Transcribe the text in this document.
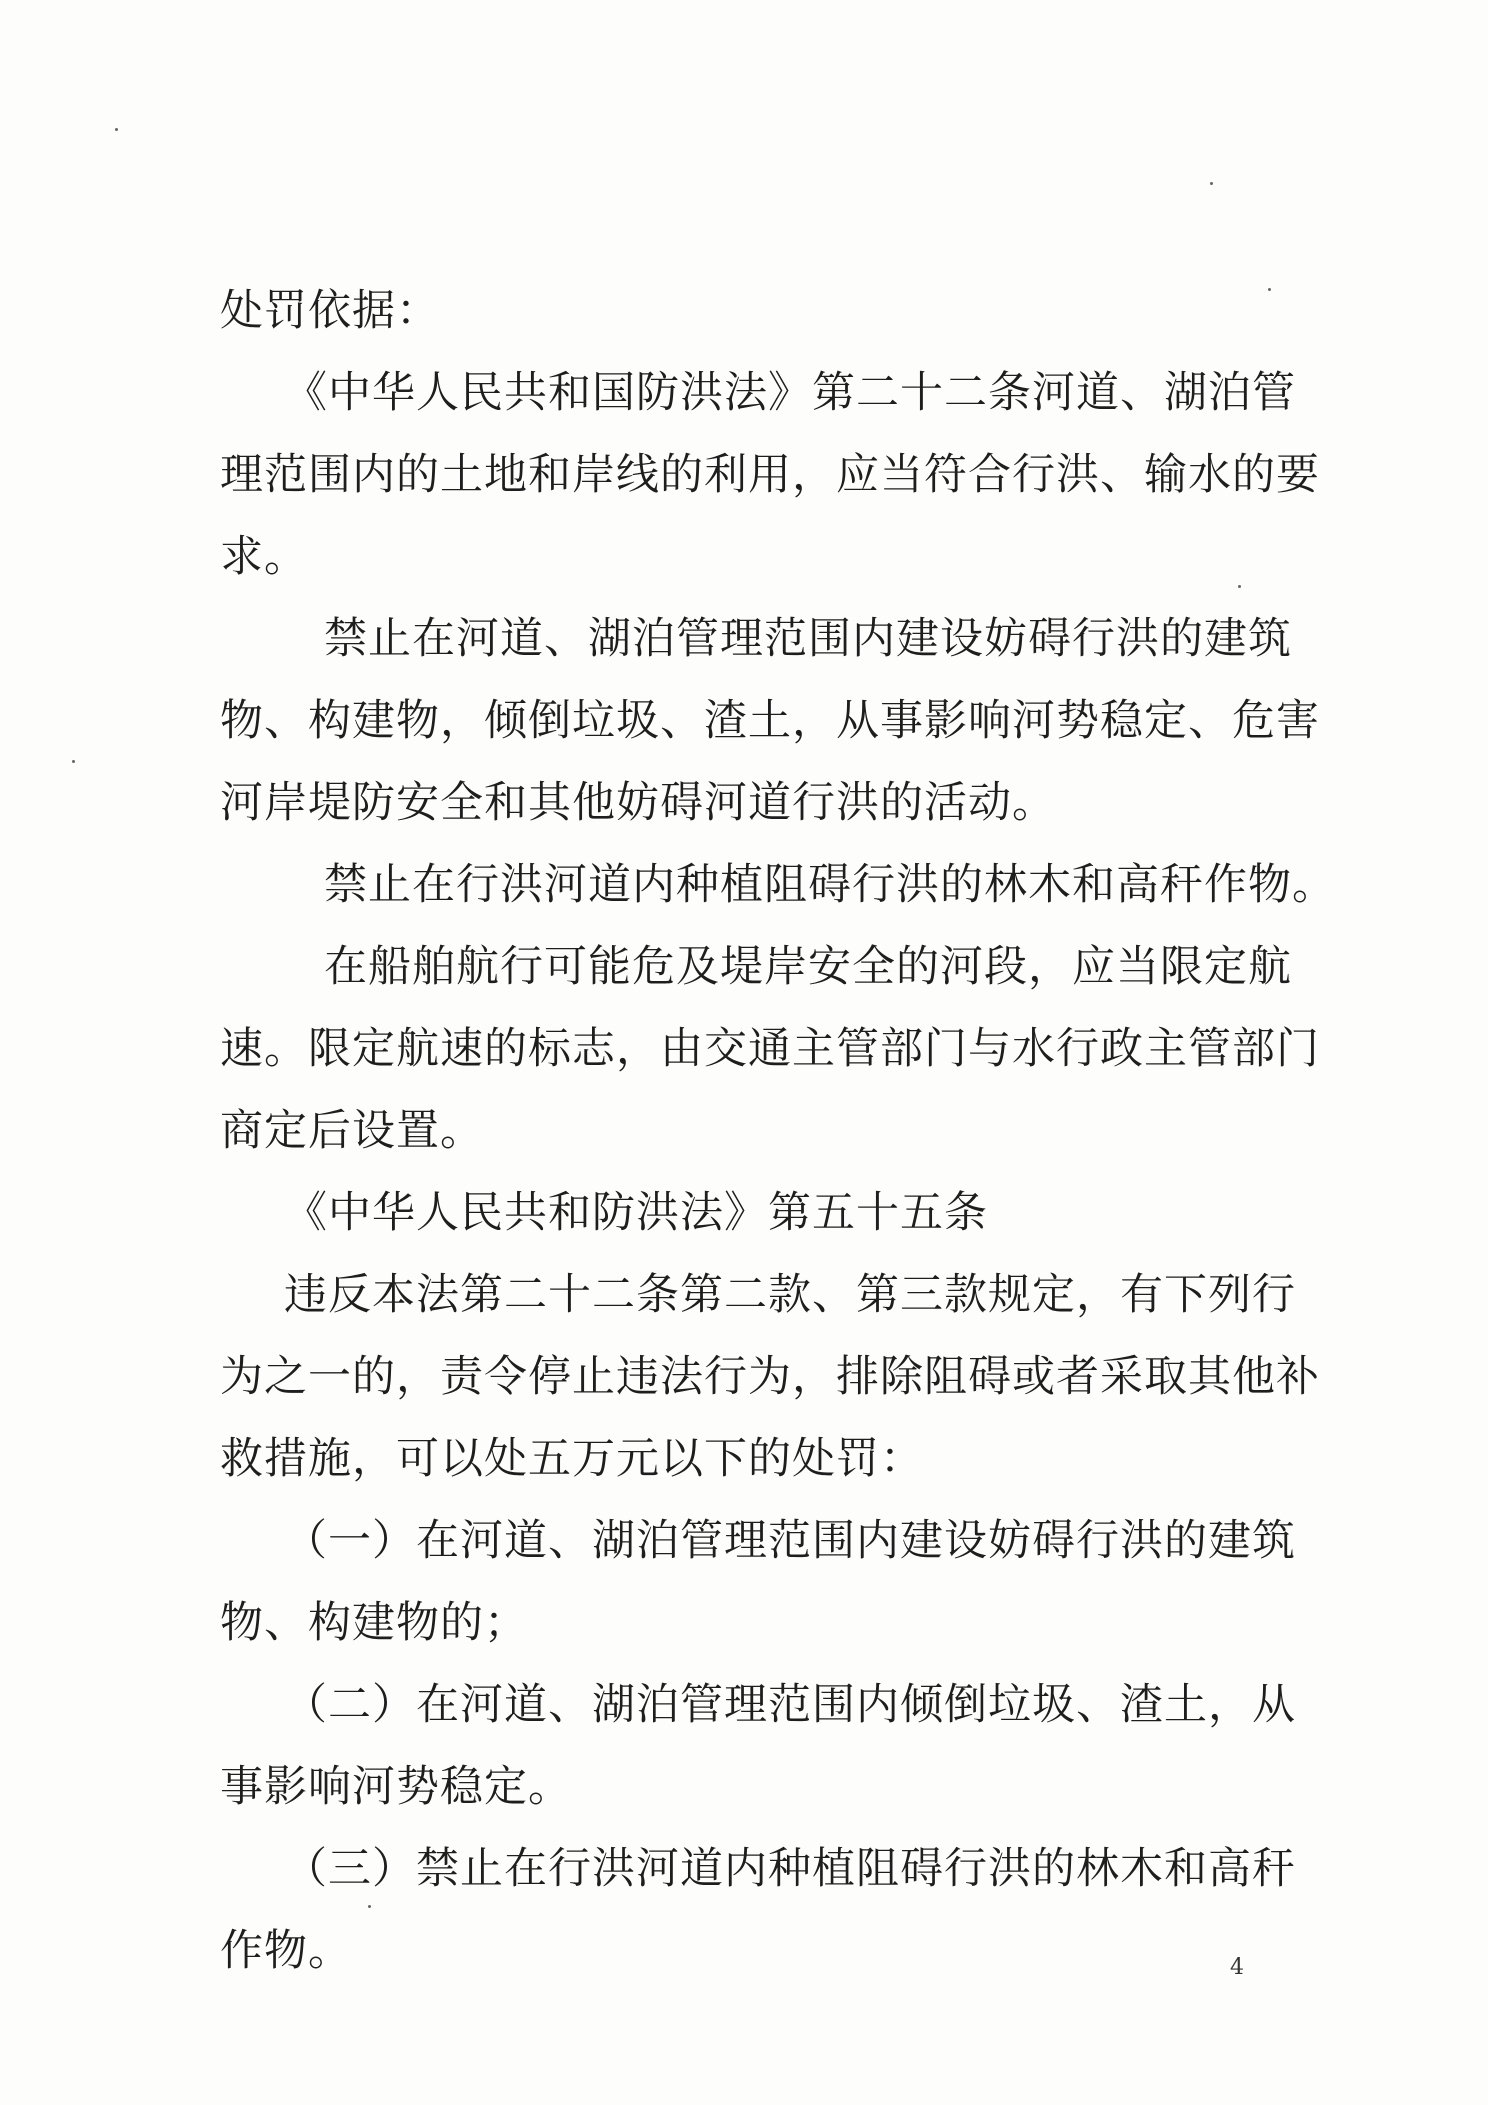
处罚依据：
《中华人民共和国防洪法》第二十二条河道、湖泊管
理范围内的土地和岸线的利用，应当符合行洪、输水的要
求。
禁止在河道、湖泊管理范围内建设妨碍行洪的建筑
物、构建物，倾倒垃圾、渣土，从事影响河势稳定、危害
河岸堤防安全和其他妨碍河道行洪的活动。
禁止在行洪河道内种植阻碍行洪的林木和高秆作物。
在船舶航行可能危及堤岸安全的河段，应当限定航
速。限定航速的标志，由交通主管部门与水行政主管部门
商定后设置。
《中华人民共和防洪法》第五十五条
违反本法第二十二条第二款、第三款规定，有下列行
为之一的，责令停止违法行为，排除阻碍或者采取其他补
救措施，可以处五万元以下的处罚：
（一）在河道、湖泊管理范围内建设妨碍行洪的建筑
物、构建物的；
（二）在河道、湖泊管理范围内倾倒垃圾、渣土，从
事影响河势稳定。
（三）禁止在行洪河道内种植阻碍行洪的林木和高秆
作物。	4
